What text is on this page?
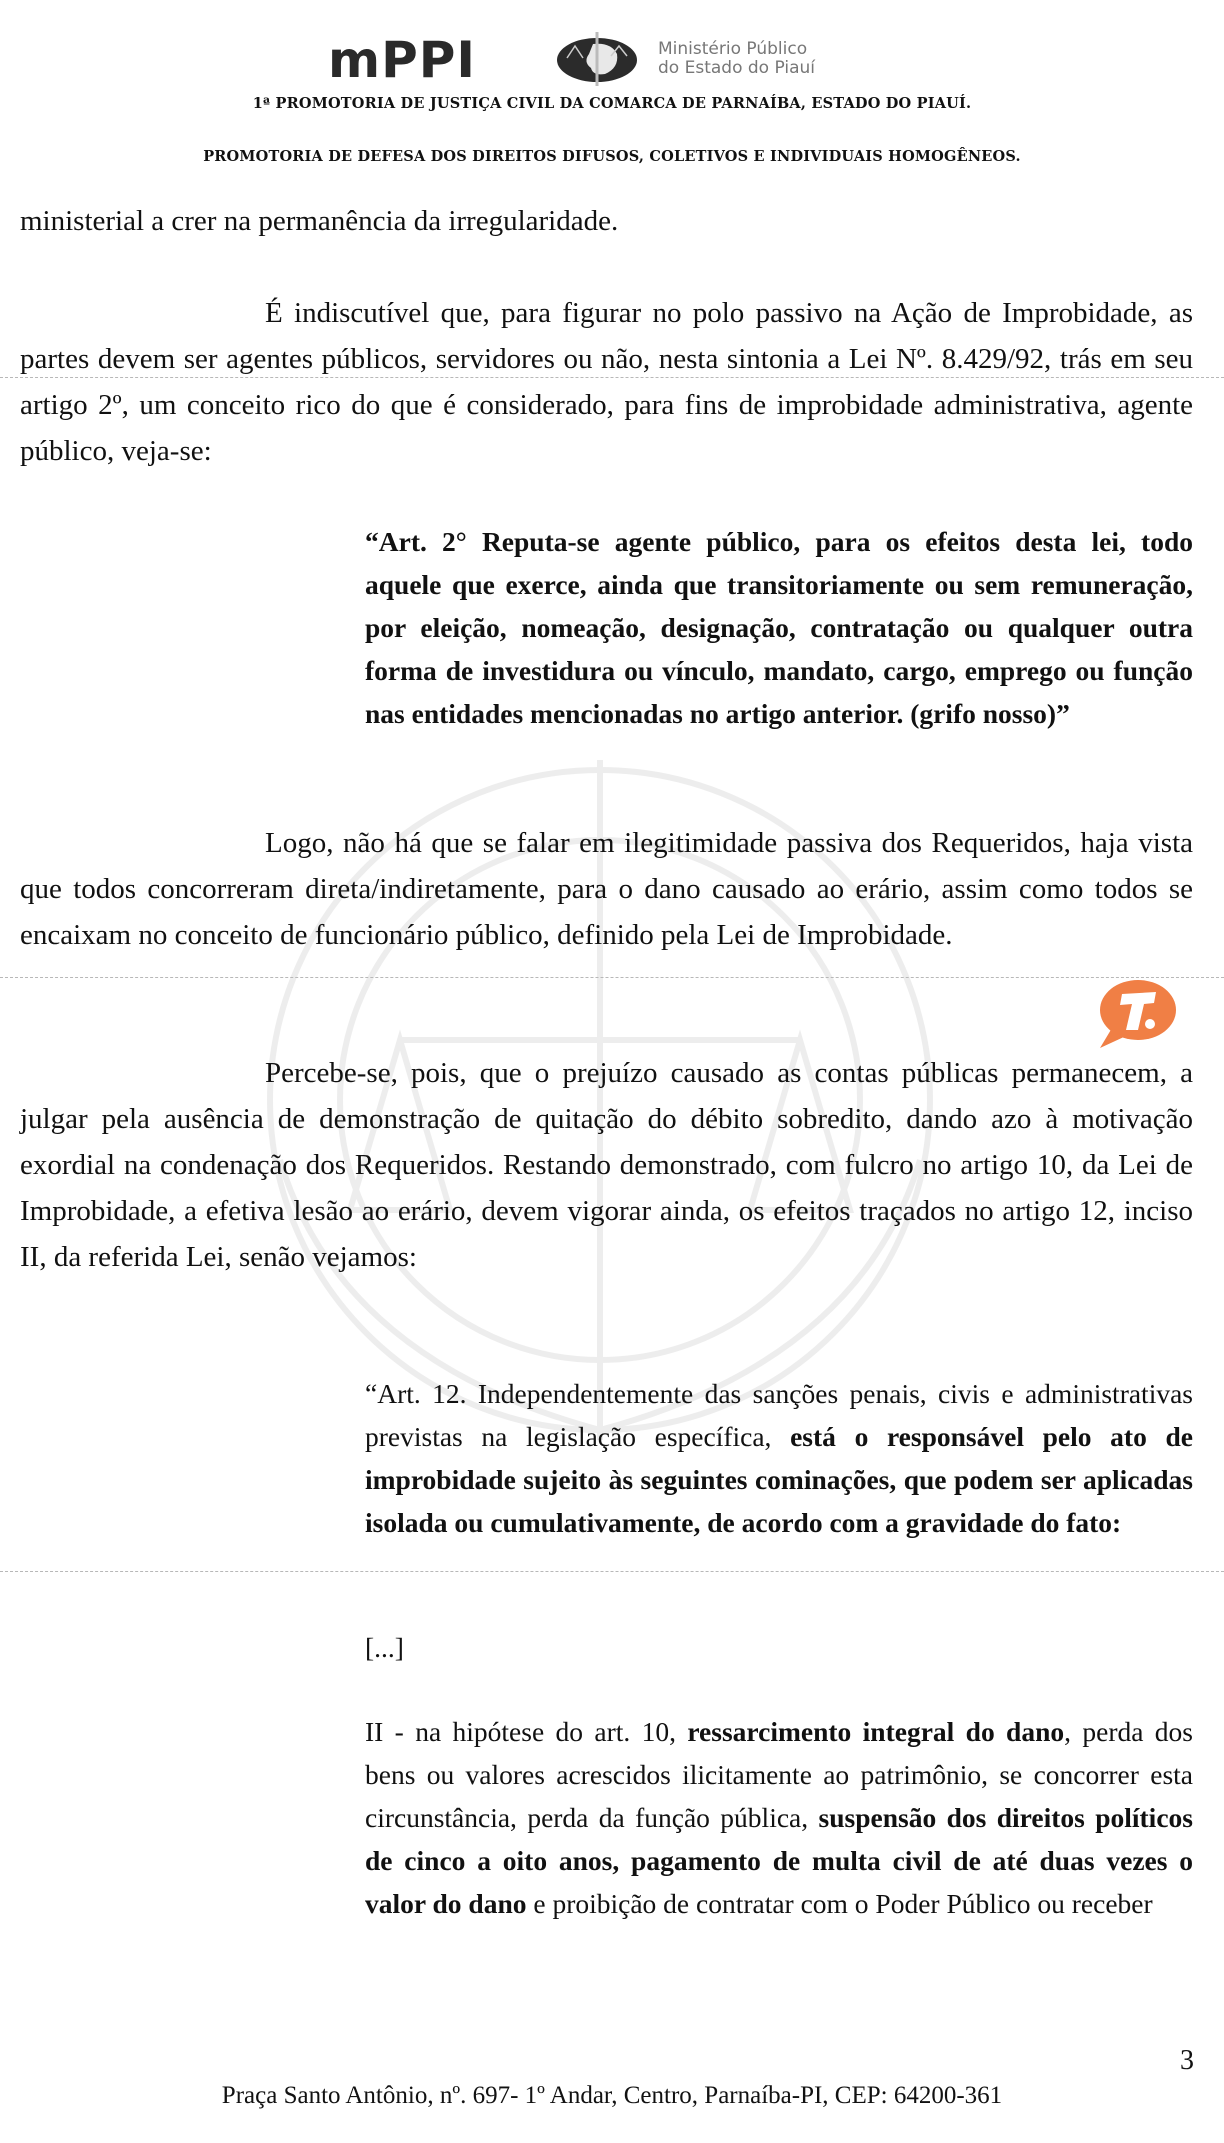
mPPI	Ministério Público
do Estado do Piauí
1ª PROMOTORIA DE JUSTIÇA CIVIL DA COMARCA DE PARNAÍBA, ESTADO DO PIAUÍ.
PROMOTORIA DE DEFESA DOS DIREITOS DIFUSOS, COLETIVOS E INDIVIDUAIS HOMOGÊNEOS.
ministerial a crer na permanência da irregularidade.
É indiscutível que, para figurar no polo passivo na Ação de Improbidade, as partes devem ser agentes públicos, servidores ou não, nesta sintonia a Lei Nº. 8.429/92, trás em seu artigo 2º, um conceito rico do que é considerado, para fins de improbidade administrativa, agente público, veja-se:
“Art. 2° Reputa-se agente público, para os efeitos desta lei, todo aquele que exerce, ainda que transitoriamente ou sem remuneração, por eleição, nomeação, designação, contratação ou qualquer outra forma de investidura ou vínculo, mandato, cargo, emprego ou função nas entidades mencionadas no artigo anterior. (grifo nosso)”
Logo, não há que se falar em ilegitimidade passiva dos Requeridos, haja vista que todos concorreram direta/indiretamente, para o dano causado ao erário, assim como todos se encaixam no conceito de funcionário público, definido pela Lei de Improbidade.
Percebe-se, pois, que o prejuízo causado as contas públicas permanecem, a julgar pela ausência de demonstração de quitação do débito sobredito, dando azo à motivação exordial na condenação dos Requeridos. Restando demonstrado, com fulcro no artigo 10, da Lei de Improbidade, a efetiva lesão ao erário, devem vigorar ainda, os efeitos traçados no artigo 12, inciso II, da referida Lei, senão vejamos:
“Art. 12. Independentemente das sanções penais, civis e administrativas previstas na legislação específica, está o responsável pelo ato de improbidade sujeito às seguintes cominações, que podem ser aplicadas isolada ou cumulativamente, de acordo com a gravidade do fato:
[...]
II - na hipótese do art. 10, ressarcimento integral do dano, perda dos bens ou valores acrescidos ilicitamente ao patrimônio, se concorrer esta circunstância, perda da função pública, suspensão dos direitos políticos de cinco a oito anos, pagamento de multa civil de até duas vezes o valor do dano e proibição de contratar com o Poder Público ou receber
3
Praça Santo Antônio, nº. 697- 1º Andar, Centro, Parnaíba-PI, CEP: 64200-361
